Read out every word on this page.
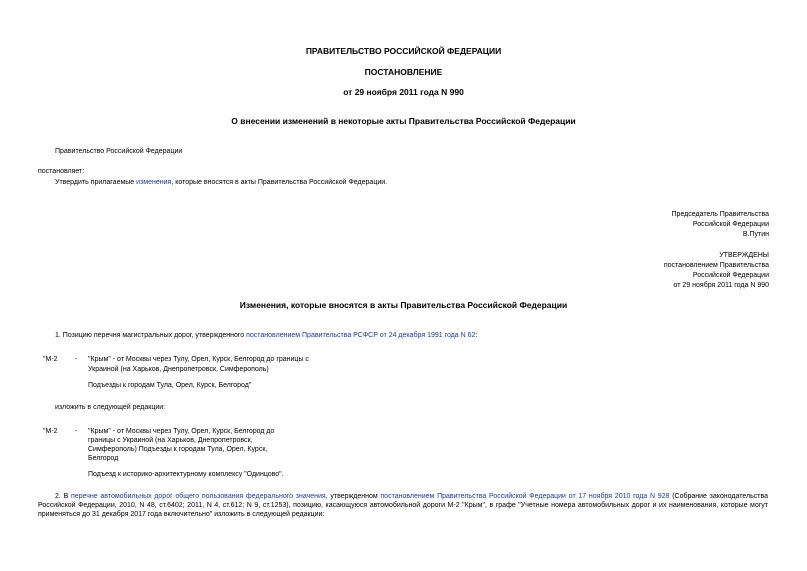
ПРАВИТЕЛЬСТВО РОССИЙСКОЙ ФЕДЕРАЦИИ
ПОСТАНОВЛЕНИЕ
от 29 ноября 2011 года N 990
О внесении изменений в некоторые акты Правительства Российской Федерации
Правительство Российской Федерации
постановляет:
Утвердить прилагаемые изменения, которые вносятся в акты Правительства Российской Федерации.
Председатель Правительства
Российской Федерации
В.Путин
УТВЕРЖДЕНЫ
постановлением Правительства
Российской Федерации
от 29 ноября 2011 года N 990
Изменения, которые вносятся в акты Правительства Российской Федерации
1. Позицию перечня магистральных дорог, утвержденного постановлением Правительства РСФСР от 24 декабря 1991 года N 62:
"М-2 - "Крым" - от Москвы через Тулу, Орел, Курск, Белгород до границы с
Украиной (на Харьков, Днепропетровск, Симферополь)
Подъезды к городам Тула, Орел, Курск, Белгород"
изложить в следующей редакции:
"М-2 - "Крым" - от Москвы через Тулу, Орел, Курск, Белгород до
границы с Украиной (на Харьков, Днепропетровск,
Симферополь) Подъезды к городам Тула, Орел, Курск,
Белгород
Подъезд к историко-архитектурному комплексу "Одинцово".
2. В перечне автомобильных дорог общего пользования федерального значения, утвержденном постановлением Правительства Российской Федерации от 17 ноября 2010 года N 928 (Собрание законодательства Российской Федерации, 2010, N 48, ст.6402; 2011, N 4, ст.612; N 9, ст.1253), позицию, касающуюся автомобильной дороги М-2 "Крым", в графе "Учетные номера автомобильных дорог и их наименования, которые могут применяться до 31 декабря 2017 года включительно" изложить в следующей редакции:
